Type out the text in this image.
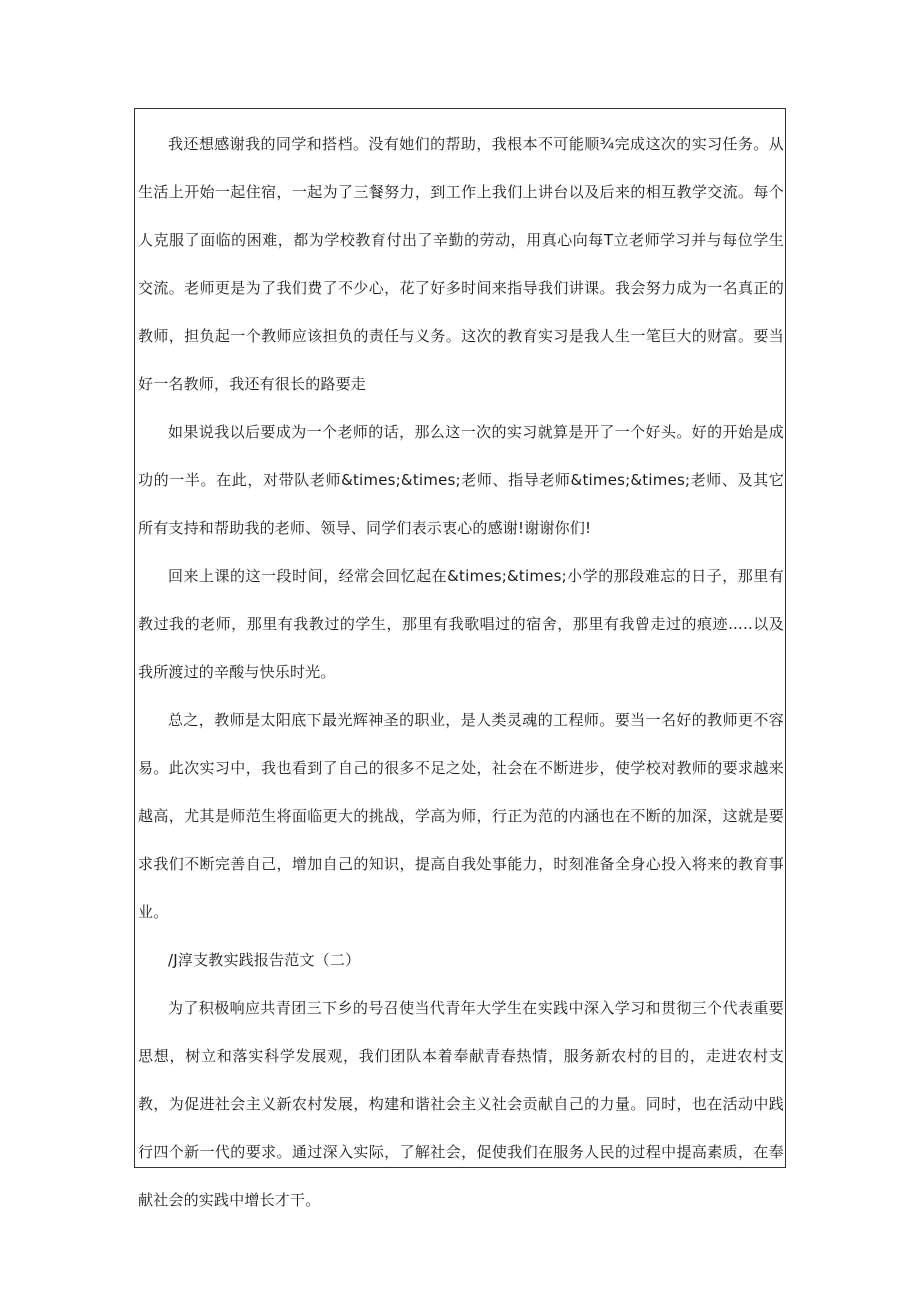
我还想感谢我的同学和搭档。没有她们的帮助，我根本不可能顺¾完成这次的实习任务。从生活上开始一起住宿，一起为了三餐努力，到工作上我们上讲台以及后来的相互教学交流。每个人克服了面临的困难，都为学校教育付出了辛勤的劳动，用真心向每T立老师学习并与每位学生交流。老师更是为了我们费了不少心，花了好多时间来指导我们讲课。我会努力成为一名真正的教师，担负起一个教师应该担负的责任与义务。这次的教育实习是我人生一笔巨大的财富。要当好一名教师，我还有很长的路要走

如果说我以后要成为一个老师的话，那么这一次的实习就算是开了一个好头。好的开始是成功的一半。在此，对带队老师&times;&times;老师、指导老师&times;&times;老师、及其它所有支持和帮助我的老师、领导、同学们表示衷心的感谢!谢谢你们!

回来上课的这一段时间，经常会回忆起在&times;&times;小学的那段难忘的日子，那里有教过我的老师，那里有我教过的学生，那里有我歌唱过的宿舍，那里有我曾走过的痕迹.....以及我所渡过的辛酸与快乐时光。

总之，教师是太阳底下最光辉神圣的职业，是人类灵魂的工程师。要当一名好的教师更不容易。此次实习中，我也看到了自己的很多不足之处，社会在不断进步，使学校对教师的要求越来越高，尤其是师范生将面临更大的挑战，学高为师，行正为范的内涵也在不断的加深，这就是要求我们不断完善自己，增加自己的知识，提高自我处事能力，时刻准备全身心投入将来的教育事业。

/J淳支教实践报告范文（二）

为了积极响应共青团三下乡的号召使当代青年大学生在实践中深入学习和贯彻三个代表重要思想，树立和落实科学发展观，我们团队本着奉献青春热情，服务新农村的目的，走进农村支教，为促进社会主义新农村发展，构建和谐社会主义社会贡献自己的力量。同时，也在活动中践行四个新一代的要求。通过深入实际，了解社会，促使我们在服务人民的过程中提高素质，在奉献社会的实践中增长才干。
